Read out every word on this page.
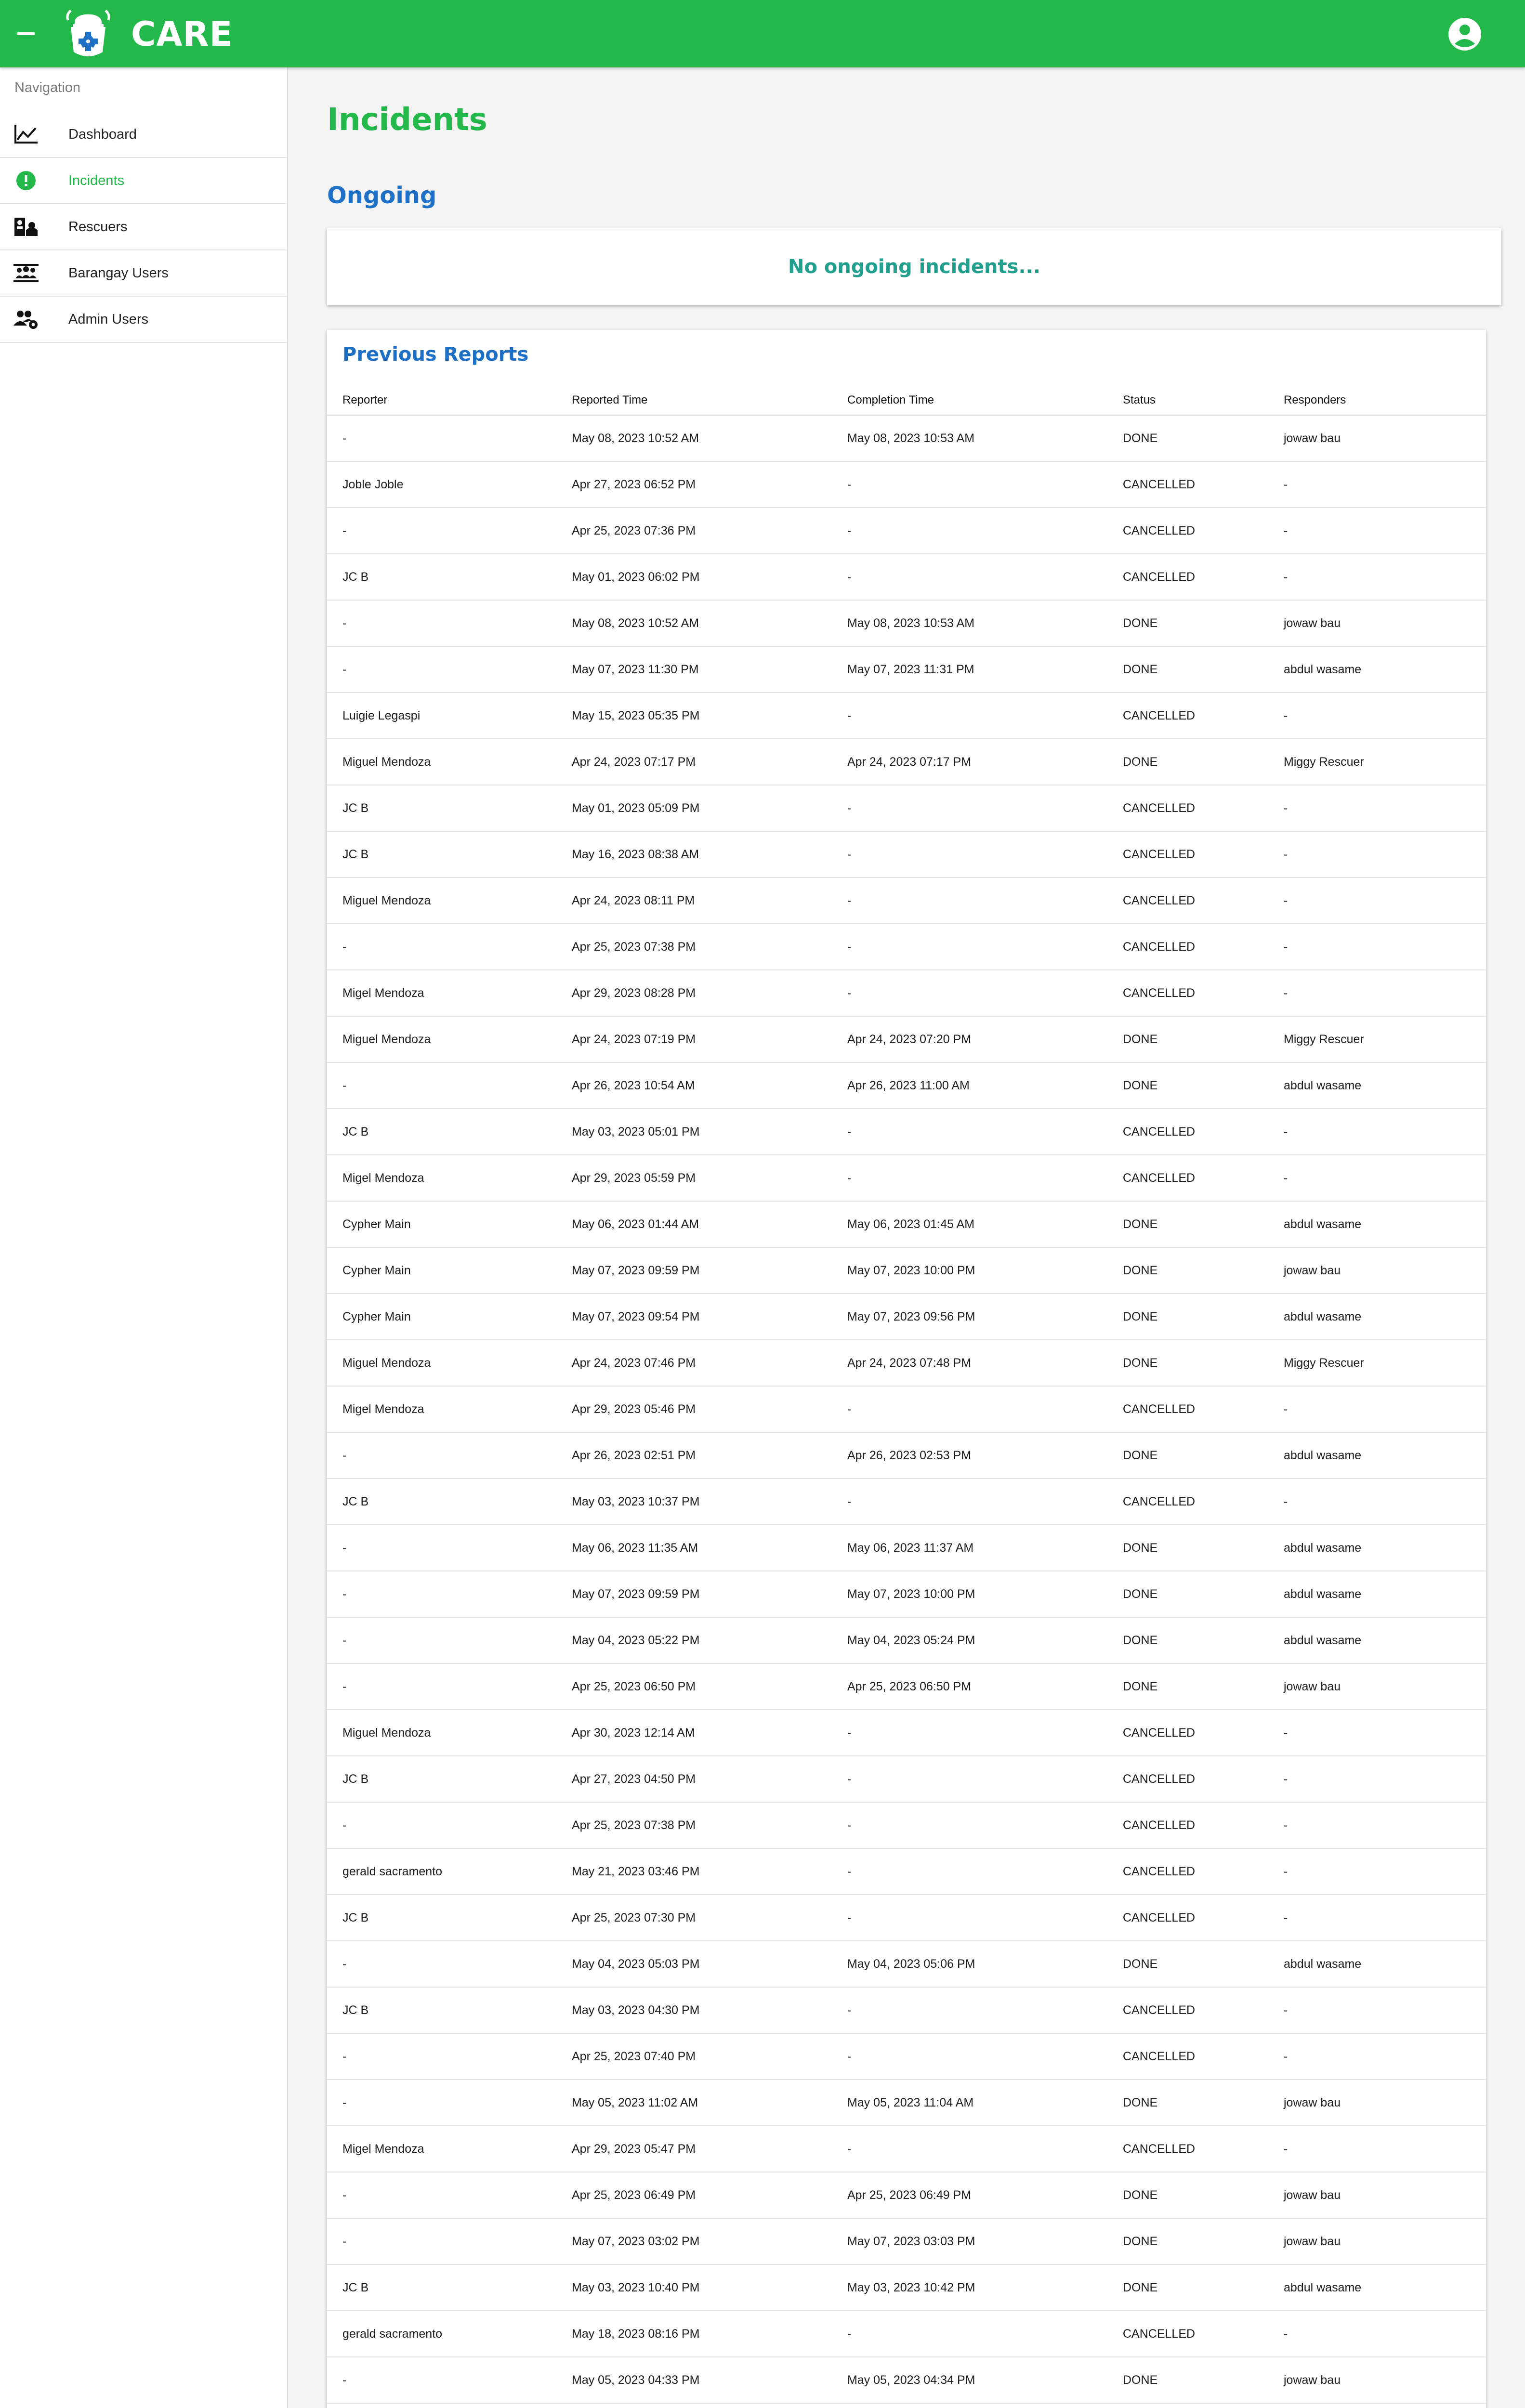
CARE
Navigation
Dashboard
Incidents
Rescuers
Barangay Users
Admin Users
Incidents
Ongoing
No ongoing incidents...
Previous Reports
Reporter	Reported Time	Completion Time	Status	Responders
-	May 08, 2023 10:52 AM	May 08, 2023 10:53 AM	DONE	jowaw bau
Joble Joble	Apr 27, 2023 06:52 PM	-	CANCELLED	-
-	Apr 25, 2023 07:36 PM	-	CANCELLED	-
JC B	May 01, 2023 06:02 PM	-	CANCELLED	-
-	May 08, 2023 10:52 AM	May 08, 2023 10:53 AM	DONE	jowaw bau
-	May 07, 2023 11:30 PM	May 07, 2023 11:31 PM	DONE	abdul wasame
Luigie Legaspi	May 15, 2023 05:35 PM	-	CANCELLED	-
Miguel Mendoza	Apr 24, 2023 07:17 PM	Apr 24, 2023 07:17 PM	DONE	Miggy Rescuer
JC B	May 01, 2023 05:09 PM	-	CANCELLED	-
JC B	May 16, 2023 08:38 AM	-	CANCELLED	-
Miguel Mendoza	Apr 24, 2023 08:11 PM	-	CANCELLED	-
-	Apr 25, 2023 07:38 PM	-	CANCELLED	-
Migel Mendoza	Apr 29, 2023 08:28 PM	-	CANCELLED	-
Miguel Mendoza	Apr 24, 2023 07:19 PM	Apr 24, 2023 07:20 PM	DONE	Miggy Rescuer
-	Apr 26, 2023 10:54 AM	Apr 26, 2023 11:00 AM	DONE	abdul wasame
JC B	May 03, 2023 05:01 PM	-	CANCELLED	-
Migel Mendoza	Apr 29, 2023 05:59 PM	-	CANCELLED	-
Cypher Main	May 06, 2023 01:44 AM	May 06, 2023 01:45 AM	DONE	abdul wasame
Cypher Main	May 07, 2023 09:59 PM	May 07, 2023 10:00 PM	DONE	jowaw bau
Cypher Main	May 07, 2023 09:54 PM	May 07, 2023 09:56 PM	DONE	abdul wasame
Miguel Mendoza	Apr 24, 2023 07:46 PM	Apr 24, 2023 07:48 PM	DONE	Miggy Rescuer
Migel Mendoza	Apr 29, 2023 05:46 PM	-	CANCELLED	-
-	Apr 26, 2023 02:51 PM	Apr 26, 2023 02:53 PM	DONE	abdul wasame
JC B	May 03, 2023 10:37 PM	-	CANCELLED	-
-	May 06, 2023 11:35 AM	May 06, 2023 11:37 AM	DONE	abdul wasame
-	May 07, 2023 09:59 PM	May 07, 2023 10:00 PM	DONE	abdul wasame
-	May 04, 2023 05:22 PM	May 04, 2023 05:24 PM	DONE	abdul wasame
-	Apr 25, 2023 06:50 PM	Apr 25, 2023 06:50 PM	DONE	jowaw bau
Miguel Mendoza	Apr 30, 2023 12:14 AM	-	CANCELLED	-
JC B	Apr 27, 2023 04:50 PM	-	CANCELLED	-
-	Apr 25, 2023 07:38 PM	-	CANCELLED	-
gerald sacramento	May 21, 2023 03:46 PM	-	CANCELLED	-
JC B	Apr 25, 2023 07:30 PM	-	CANCELLED	-
-	May 04, 2023 05:03 PM	May 04, 2023 05:06 PM	DONE	abdul wasame
JC B	May 03, 2023 04:30 PM	-	CANCELLED	-
-	Apr 25, 2023 07:40 PM	-	CANCELLED	-
-	May 05, 2023 11:02 AM	May 05, 2023 11:04 AM	DONE	jowaw bau
Migel Mendoza	Apr 29, 2023 05:47 PM	-	CANCELLED	-
-	Apr 25, 2023 06:49 PM	Apr 25, 2023 06:49 PM	DONE	jowaw bau
-	May 07, 2023 03:02 PM	May 07, 2023 03:03 PM	DONE	jowaw bau
JC B	May 03, 2023 10:40 PM	May 03, 2023 10:42 PM	DONE	abdul wasame
gerald sacramento	May 18, 2023 08:16 PM	-	CANCELLED	-
-	May 05, 2023 04:33 PM	May 05, 2023 04:34 PM	DONE	jowaw bau
